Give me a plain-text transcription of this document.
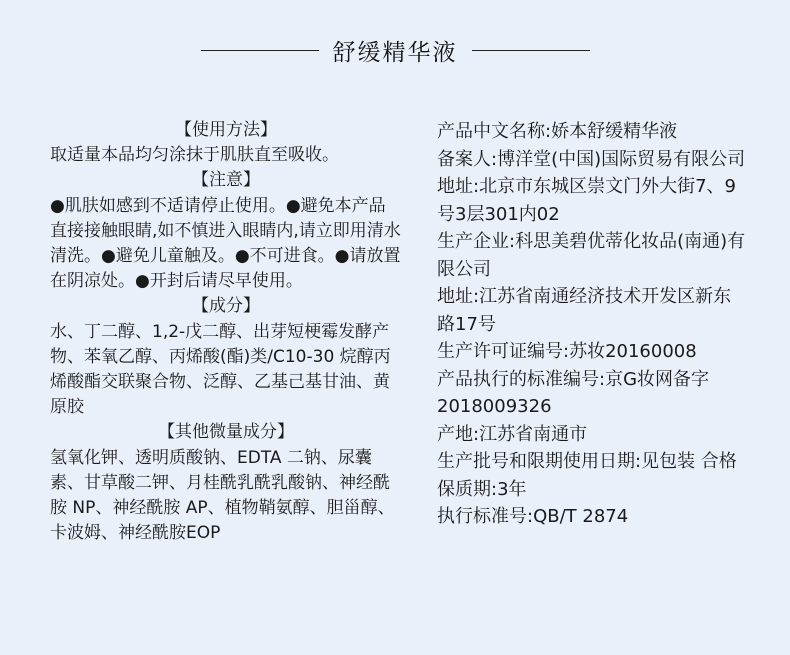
舒缓精华液

【使用方法】

取适量本品均匀涂抹于肌肤直至吸收。

【注意】

●肌肤如感到不适请停止使用。●避免本产品直接接触眼睛,如不慎进入眼睛内,请立即用清水清洗。●避免儿童触及。●不可进食。●请放置在阴凉处。●开封后请尽早使用。

【成分】

水、丁二醇、1,2-戊二醇、出芽短梗霉发酵产物、苯氧乙醇、丙烯酸(酯)类/C10-30 烷醇丙烯酸酯交联聚合物、泛醇、乙基己基甘油、黄原胶

【其他微量成分】

氢氧化钾、透明质酸钠、EDTA 二钠、尿囊素、甘草酸二钾、月桂酰乳酰乳酸钠、神经酰胺 NP、神经酰胺 AP、植物鞘氨醇、胆甾醇、卡波姆、神经酰胺EOP

产品中文名称:娇本舒缓精华液

备案人:博洋堂(中国)国际贸易有限公司

地址:北京市东城区崇文门外大街7、9号3层301内02

生产企业:科思美碧优蒂化妆品(南通)有限公司

地址:江苏省南通经济技术开发区新东路17号

生产许可证编号:苏妆20160008

产品执行的标准编号:京G妆网备字2018009326

产地:江苏省南通市

生产批号和限期使用日期:见包装 合格      保质期:3年

执行标准号:QB/T 2874
